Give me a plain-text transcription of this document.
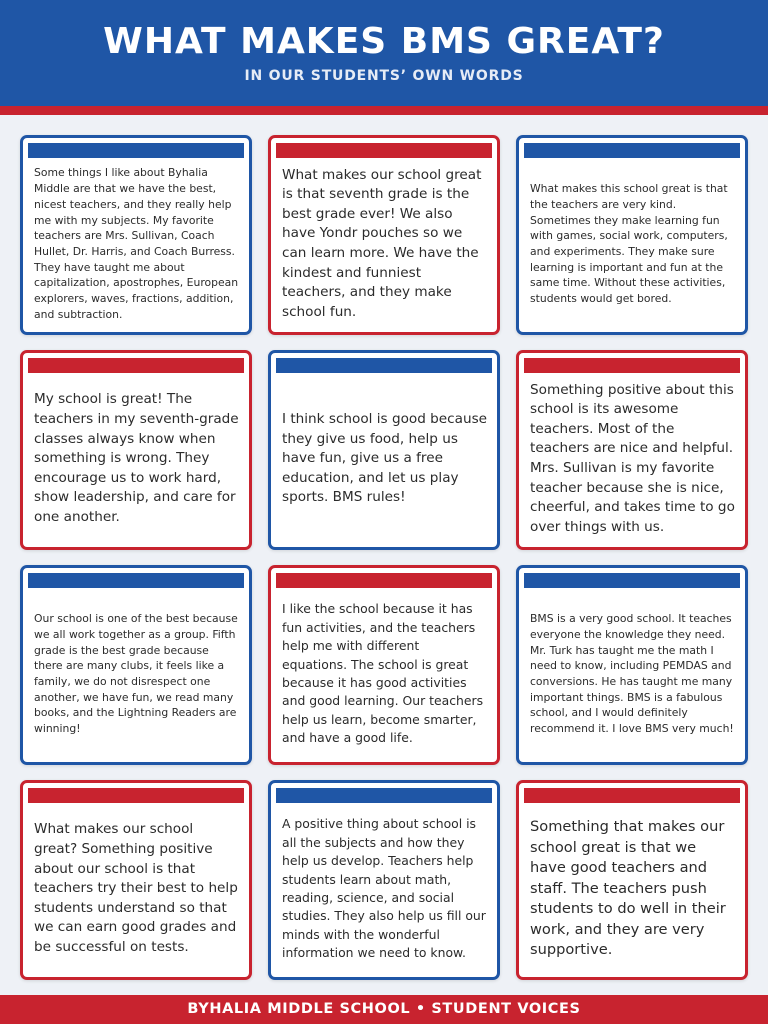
WHAT MAKES BMS GREAT?
IN OUR STUDENTS’ OWN WORDS
Some things I like about Byhalia Middle are that we have the best, nicest teachers, and they really help me with my subjects. My favorite teachers are Mrs. Sullivan, Coach Hullet, Dr. Harris, and Coach Burress. They have taught me about capitalization, apostrophes, European explorers, waves, fractions, addition, and subtraction.
What makes our school great is that seventh grade is the best grade ever! We also have Yondr pouches so we can learn more. We have the kindest and funniest teachers, and they make school fun.
What makes this school great is that the teachers are very kind. Sometimes they make learning fun with games, social work, computers, and experiments. They make sure learning is important and fun at the same time. Without these activities, students would get bored.
My school is great! The teachers in my seventh-grade classes always know when something is wrong. They encourage us to work hard, show leadership, and care for one another.
I think school is good because they give us food, help us have fun, give us a free education, and let us play sports. BMS rules!
Something positive about this school is its awesome teachers. Most of the teachers are nice and helpful. Mrs. Sullivan is my favorite teacher because she is nice, cheerful, and takes time to go over things with us.
Our school is one of the best because we all work together as a group. Fifth grade is the best grade because there are many clubs, it feels like a family, we do not disrespect one another, we have fun, we read many books, and the Lightning Readers are winning!
I like the school because it has fun activities, and the teachers help me with different equations. The school is great because it has good activities and good learning. Our teachers help us learn, become smarter, and have a good life.
BMS is a very good school. It teaches everyone the knowledge they need. Mr. Turk has taught me the math I need to know, including PEMDAS and conversions. He has taught me many important things. BMS is a fabulous school, and I would definitely recommend it. I love BMS very much!
What makes our school great? Something positive about our school is that teachers try their best to help students understand so that we can earn good grades and be successful on tests.
A positive thing about school is all the subjects and how they help us develop. Teachers help students learn about math, reading, science, and social studies. They also help us fill our minds with the wonderful information we need to know.
Something that makes our school great is that we have good teachers and staff. The teachers push students to do well in their work, and they are very supportive.
BYHALIA MIDDLE SCHOOL • STUDENT VOICES
